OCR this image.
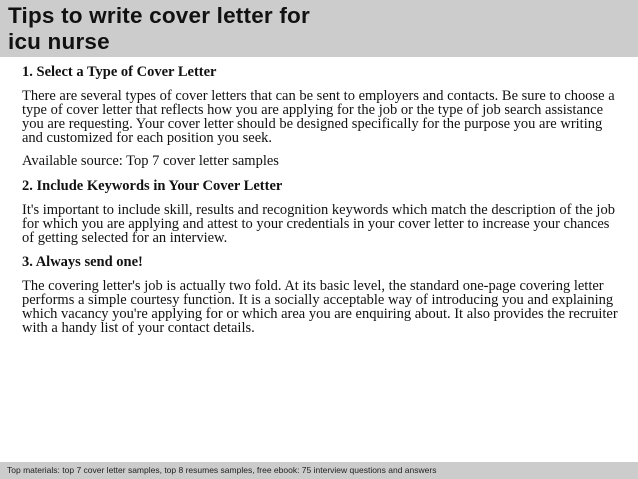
Tips to write cover letter for
icu nurse
1. Select a Type of Cover Letter
There are several types of cover letters that can be sent to employers and contacts. Be sure to choose a type of cover letter that reflects how you are applying for the job or the type of job search assistance you are requesting. Your cover letter should be designed specifically for the purpose you are writing and customized for each position you seek.
Available source: Top 7 cover letter samples
2. Include Keywords in Your Cover Letter
It's important to include skill, results and recognition keywords which match the description of the job for which you are applying and attest to your credentials in your cover letter to increase your chances of getting selected for an interview.
3. Always send one!
The covering letter's job is actually two fold. At its basic level, the standard one-page covering letter performs a simple courtesy function. It is a socially acceptable way of introducing you and explaining which vacancy you're applying for or which area you are enquiring about. It also provides the recruiter with a handy list of your contact details.
Top materials: top 7 cover letter samples, top 8 resumes samples, free ebook: 75 interview questions and answers
